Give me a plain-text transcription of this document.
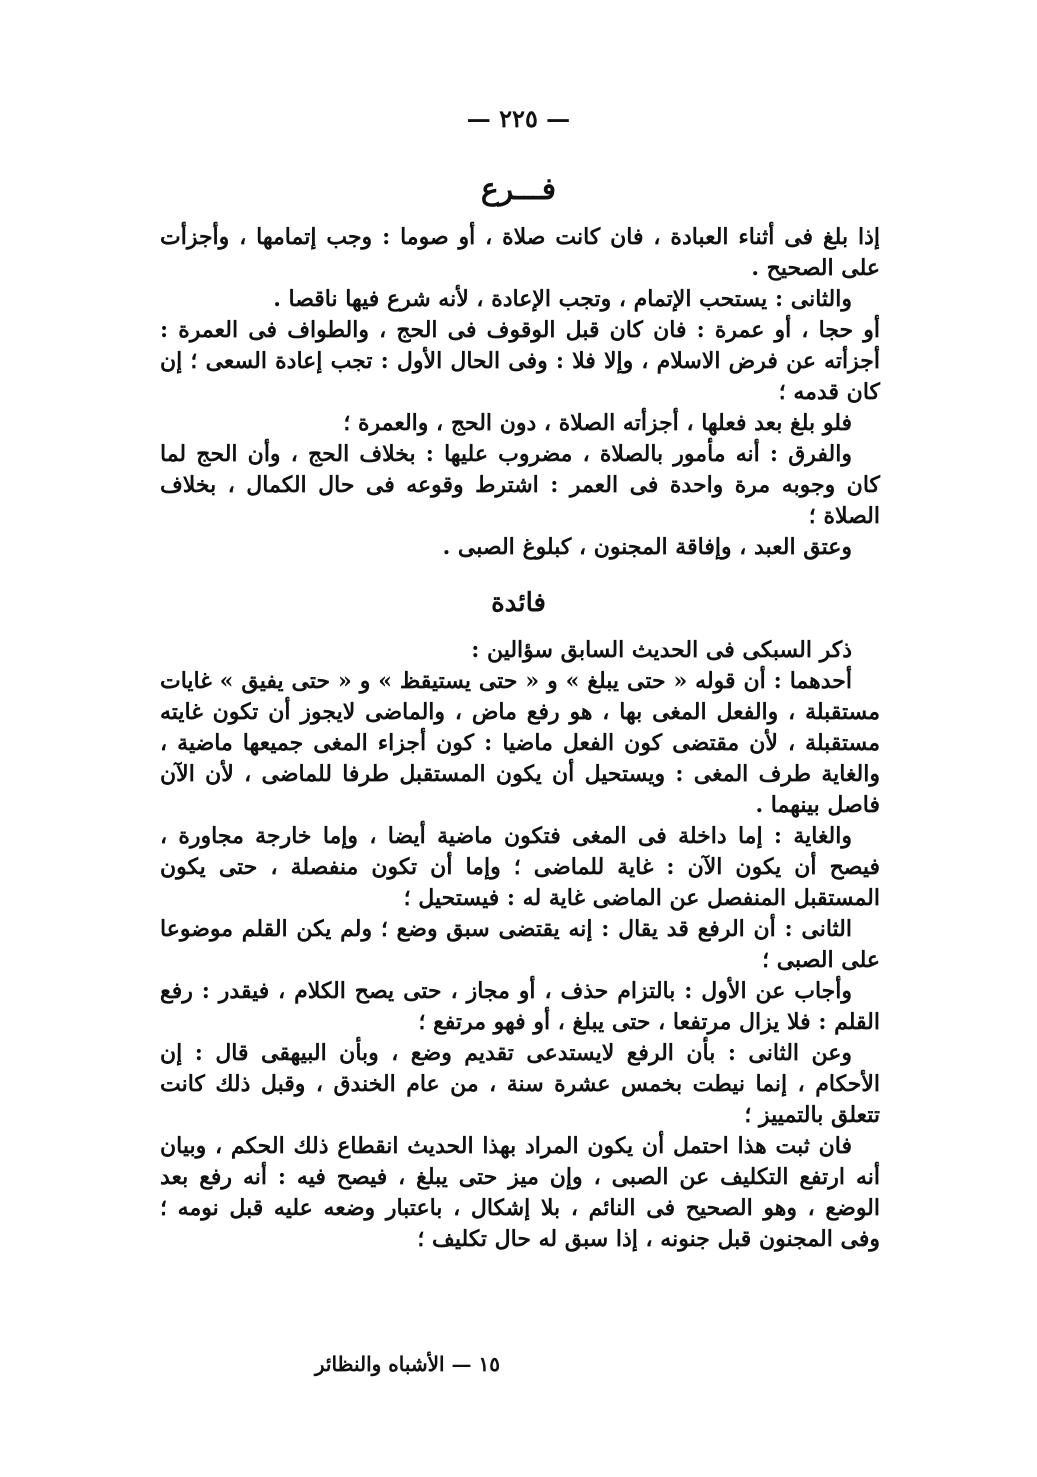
— ٢٢٥ —
فـــرع

إذا بلغ فى أثناء العبادة ، فان كانت صلاة ، أو صوما : وجب إتمامها ، وأجزأت على الصحيح .

والثانى : يستحب الإتمام ، وتجب الإعادة ، لأنه شرع فيها ناقصا .

أو حجا ، أو عمرة : فان كان قبل الوقوف فى الحج ، والطواف فى العمرة : أجزأته عن فرض الاسلام ، وإلا فلا : وفى الحال الأول : تجب إعادة السعى ؛ إن كان قدمه ؛

فلو بلغ بعد فعلها ، أجزأته الصلاة ، دون الحج ، والعمرة ؛

والفرق : أنه مأمور بالصلاة ، مضروب عليها : بخلاف الحج ، وأن الحج لما كان وجوبه مرة واحدة فى العمر : اشترط وقوعه فى حال الكمال ، بخلاف الصلاة ؛

وعتق العبد ، وإفاقة المجنون ، كبلوغ الصبى .

فائدة

ذكر السبكى فى الحديث السابق سؤالين :

أحدهما : أن قوله « حتى يبلغ » و « حتى يستيقظ » و « حتى يفيق » غايات مستقبلة ، والفعل المغى بها ، هو رفع ماض ، والماضى لايجوز أن تكون غايته مستقبلة ، لأن مقتضى كون الفعل ماضيا : كون أجزاء المغى جميعها ماضية ، والغاية طرف المغى : ويستحيل أن يكون المستقبل طرفا للماضى ، لأن الآن فاصل بينهما .

والغاية : إما داخلة فى المغى فتكون ماضية أيضا ، وإما خارجة مجاورة ، فيصح أن يكون الآن : غاية للماضى ؛ وإما أن تكون منفصلة ، حتى يكون المستقبل المنفصل عن الماضى غاية له : فيستحيل ؛

الثانى : أن الرفع قد يقال : إنه يقتضى سبق وضع ؛ ولم يكن القلم موضوعا على الصبى ؛

وأجاب عن الأول : بالتزام حذف ، أو مجاز ، حتى يصح الكلام ، فيقدر : رفع القلم : فلا يزال مرتفعا ، حتى يبلغ ، أو فهو مرتفع ؛

وعن الثانى : بأن الرفع لايستدعى تقديم وضع ، وبأن البيهقى قال : إن الأحكام ، إنما نيطت بخمس عشرة سنة ، من عام الخندق ، وقبل ذلك كانت تتعلق بالتمييز ؛

فان ثبت هذا احتمل أن يكون المراد بهذا الحديث انقطاع ذلك الحكم ، وبيان أنه ارتفع التكليف عن الصبى ، وإن ميز حتى يبلغ ، فيصح فيه : أنه رفع بعد الوضع ، وهو الصحيح فى النائم ، بلا إشكال ، باعتبار وضعه عليه قبل نومه ؛ وفى المجنون قبل جنونه ، إذا سبق له حال تكليف ؛

١٥ — الأشباه والنظائر
